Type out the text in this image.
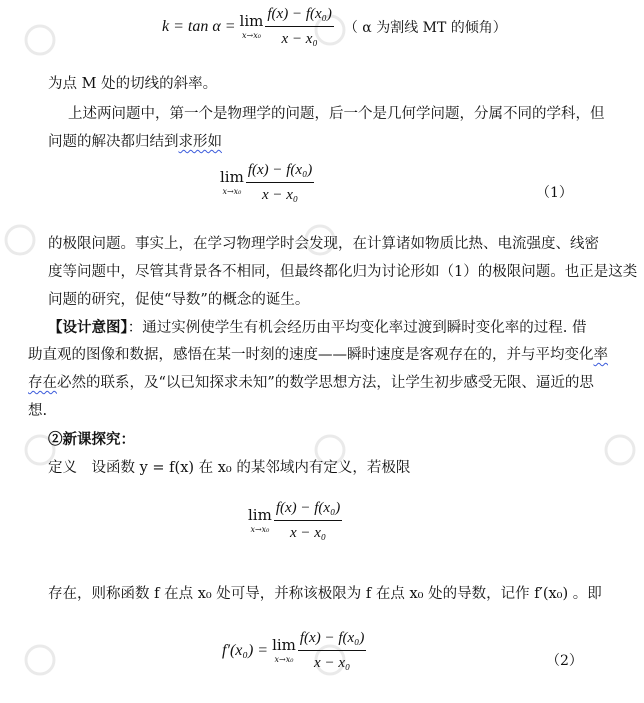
k = tan α = lim
$x\to x_0 \frac{\text{f(x) − f(x₀)}}{\text{x − x₀}}$ （ α 为割线 MT 的倾角）
为点 M 处的切线的斜率。
上述两问题中，第一个是物理学的问题，后一个是几何学问题，分属不同的学科，但
问题的解决都归结到求形如
lim
$x\to x_0 \frac{\text{f(x) − f(x₀)}}{\text{x − x₀}}$	（1）
的极限问题。事实上，在学习物理学时会发现，在计算诸如物质比热、电流强度、线密
度等问题中，尽管其背景各不相同，但最终都化归为讨论形如（1）的极限问题。也正是这类
问题的研究，促使“导数”的概念的诞生。
【设计意图】：通过实例使学生有机会经历由平均变化率过渡到瞬时变化率的过程. 借
助直观的图像和数据，感悟在某一时刻的速度——瞬时速度是客观存在的，并与平均变化率
存在必然的联系，及“以已知探求未知”的数学思想方法，让学生初步感受无限、逼近的思
想.
②新课探究：
定义　设函数 y = f(x) 在 x₀ 的某邻域内有定义，若极限
lim
$x\to x_0 \frac{\text{f(x) − f(x₀)}}{\text{x − x₀}}$
存在，则称函数 f 在点 x₀ 处可导，并称该极限为 f 在点 x₀ 处的导数，记作 f′(x₀) 。即
f′(x₀) = lim
$x\to x_0 \frac{\text{f(x) − f(x₀)}}{\text{x − x₀}}$	（2）
